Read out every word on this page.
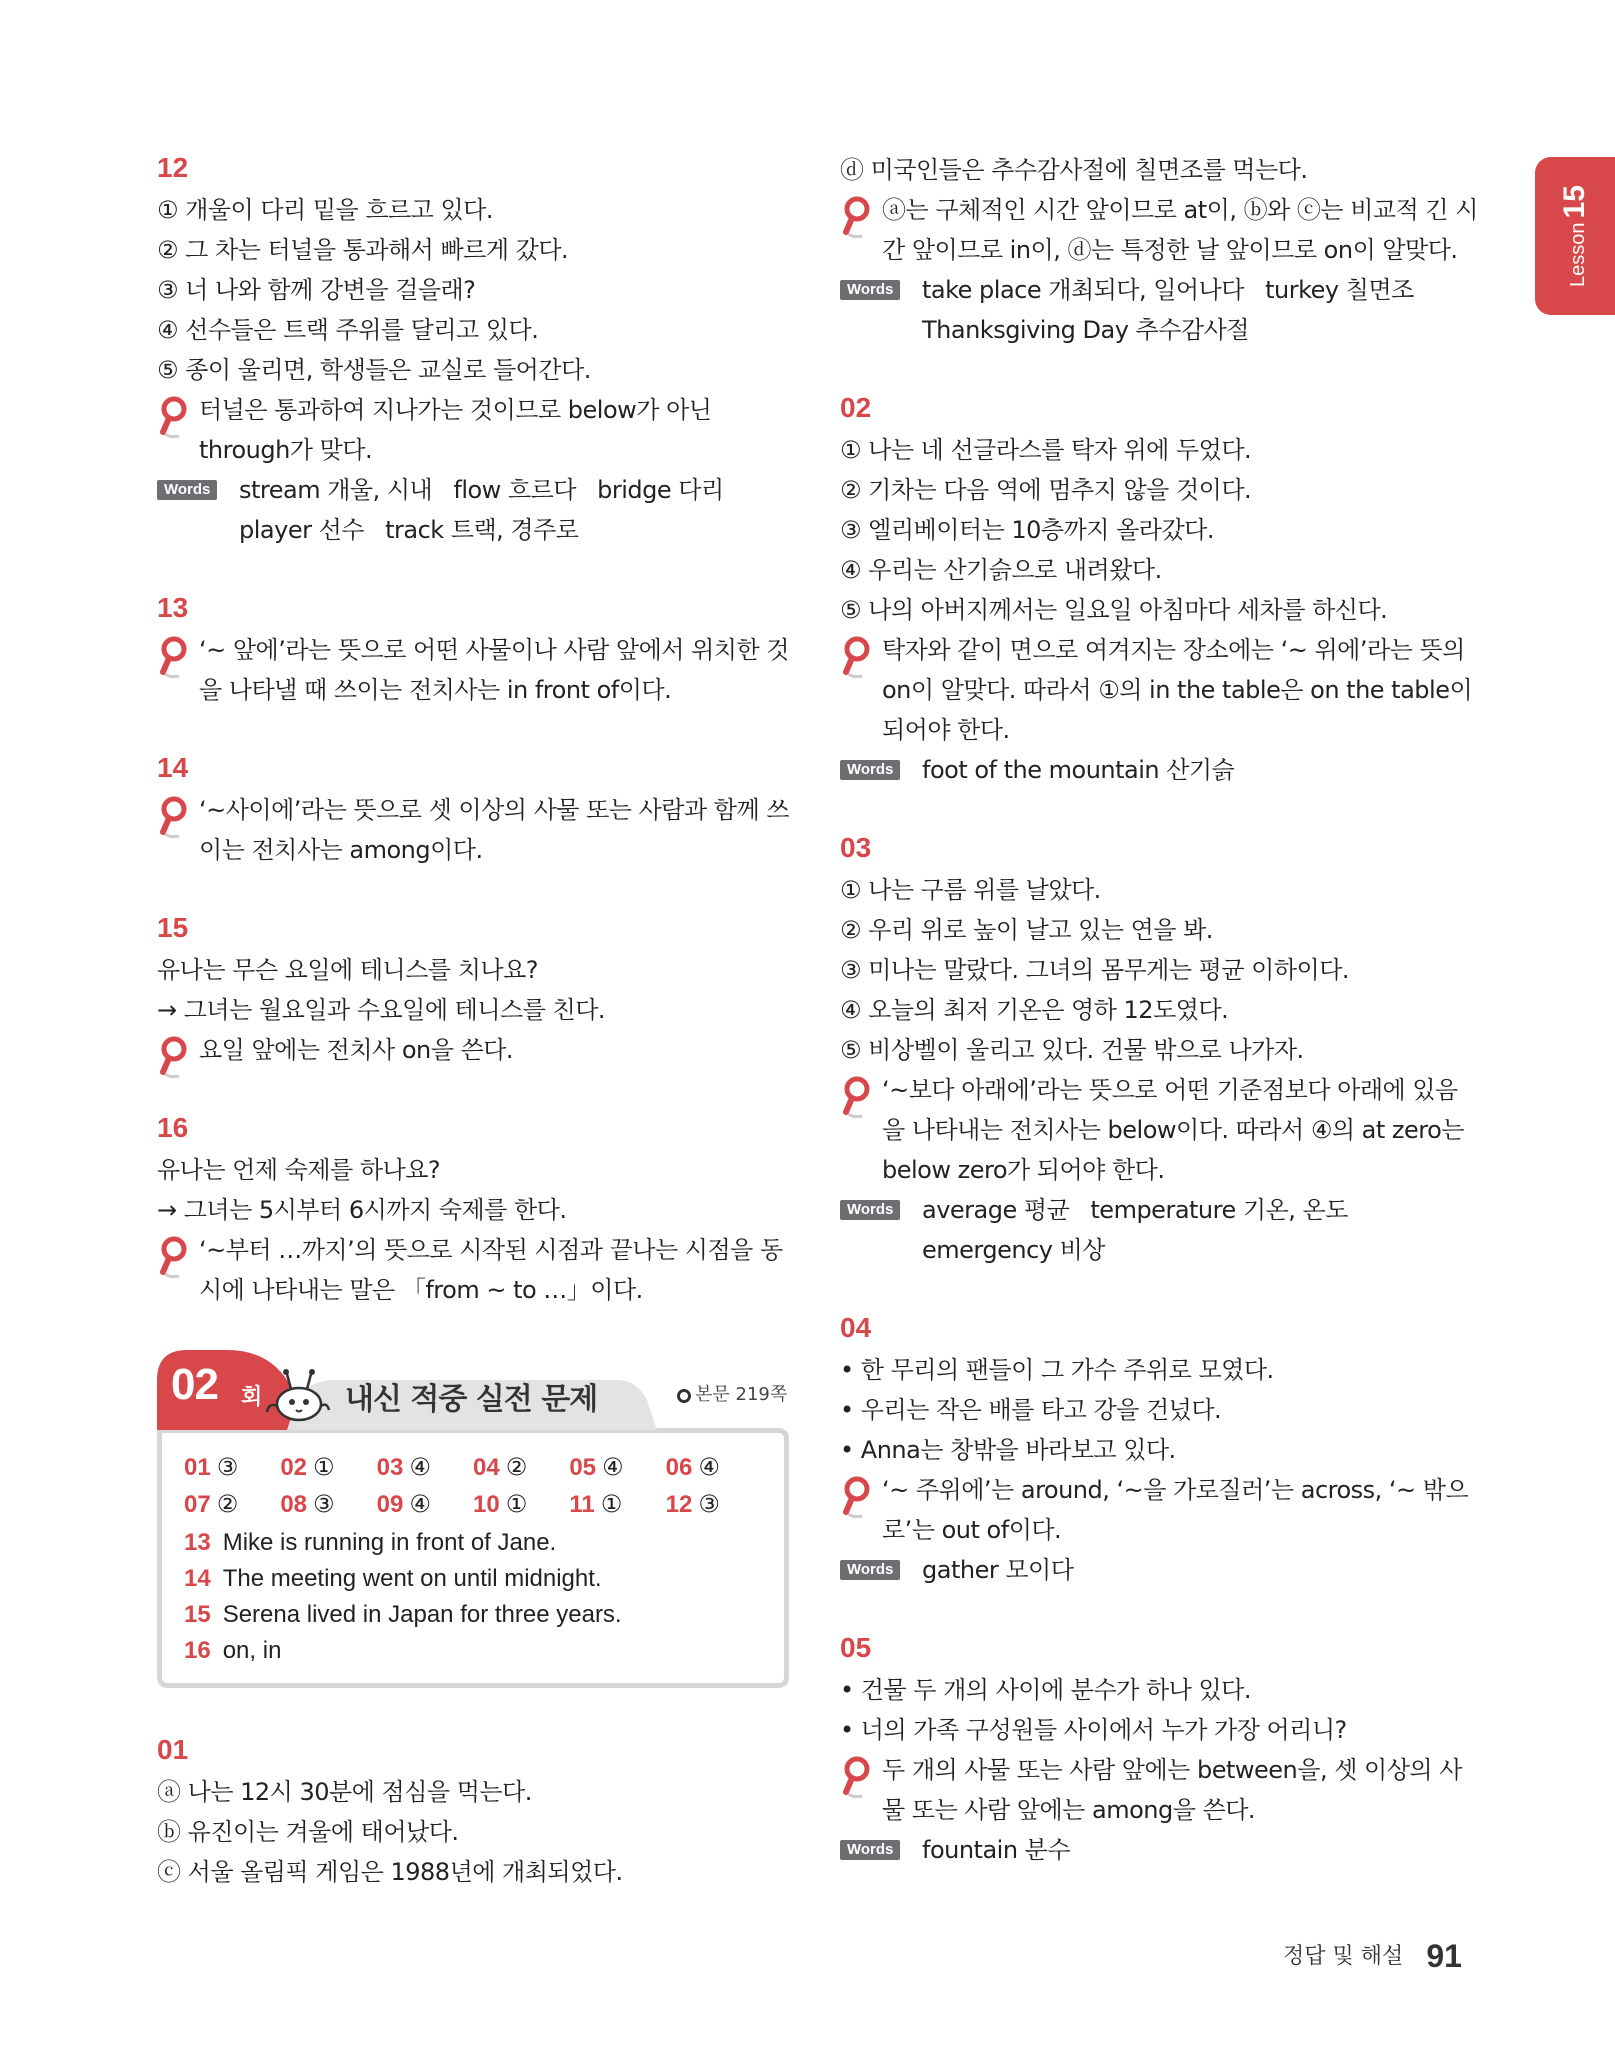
Lesson15
12
① 개울이 다리 밑을 흐르고 있다.
② 그 차는 터널을 통과해서 빠르게 갔다.
③ 너 나와 함께 강변을 걸을래?
④ 선수들은 트랙 주위를 달리고 있다.
⑤ 종이 울리면, 학생들은 교실로 들어간다.
터널은 통과하여 지나가는 것이므로 below가 아닌 through가 맞다.
Words stream 개울, 시내 flow 흐르다 bridge 다리
player 선수 track 트랙, 경주로
13
‘~ 앞에’라는 뜻으로 어떤 사물이나 사람 앞에서 위치한 것을 나타낼 때 쓰이는 전치사는 in front of이다.
14
‘~사이에’라는 뜻으로 셋 이상의 사물 또는 사람과 함께 쓰이는 전치사는 among이다.
15
유나는 무슨 요일에 테니스를 치나요?
→ 그녀는 월요일과 수요일에 테니스를 친다.
요일 앞에는 전치사 on을 쓴다.
16
유나는 언제 숙제를 하나요?
→ 그녀는 5시부터 6시까지 숙제를 한다.
‘~부터 …까지’의 뜻으로 시작된 시점과 끝나는 시점을 동시에 나타내는 말은 「from ~ to …」이다.
02 회	내신 적중 실전 문제	본문 219쪽
01 ③	02 ①	03 ④	04 ②	05 ④	06 ④
07 ②	08 ③	09 ④	10 ①	11 ①	12 ③
13 Mike is running in front of Jane.
14 The meeting went on until midnight.
15 Serena lived in Japan for three years.
16 on, in
01
ⓐ 나는 12시 30분에 점심을 먹는다.
ⓑ 유진이는 겨울에 태어났다.
ⓒ 서울 올림픽 게임은 1988년에 개최되었다.
ⓓ 미국인들은 추수감사절에 칠면조를 먹는다.
ⓐ는 구체적인 시간 앞이므로 at이, ⓑ와 ⓒ는 비교적 긴 시간 앞이므로 in이, ⓓ는 특정한 날 앞이므로 on이 알맞다.
Words take place 개최되다, 일어나다 turkey 칠면조
Thanksgiving Day 추수감사절
02
① 나는 네 선글라스를 탁자 위에 두었다.
② 기차는 다음 역에 멈추지 않을 것이다.
③ 엘리베이터는 10층까지 올라갔다.
④ 우리는 산기슭으로 내려왔다.
⑤ 나의 아버지께서는 일요일 아침마다 세차를 하신다.
탁자와 같이 면으로 여겨지는 장소에는 ‘~ 위에’라는 뜻의 on이 알맞다. 따라서 ①의 in the table은 on the table이 되어야 한다.
Words foot of the mountain 산기슭
03
① 나는 구름 위를 날았다.
② 우리 위로 높이 날고 있는 연을 봐.
③ 미나는 말랐다. 그녀의 몸무게는 평균 이하이다.
④ 오늘의 최저 기온은 영하 12도였다.
⑤ 비상벨이 울리고 있다. 건물 밖으로 나가자.
‘~보다 아래에’라는 뜻으로 어떤 기준점보다 아래에 있음을 나타내는 전치사는 below이다. 따라서 ④의 at zero는 below zero가 되어야 한다.
Words average 평균 temperature 기온, 온도
emergency 비상
04
• 한 무리의 팬들이 그 가수 주위로 모였다.
• 우리는 작은 배를 타고 강을 건넜다.
• Anna는 창밖을 바라보고 있다.
‘~ 주위에’는 around, ‘~을 가로질러’는 across, ‘~ 밖으로’는 out of이다.
Words gather 모이다
05
• 건물 두 개의 사이에 분수가 하나 있다.
• 너의 가족 구성원들 사이에서 누가 가장 어리니?
두 개의 사물 또는 사람 앞에는 between을, 셋 이상의 사물 또는 사람 앞에는 among을 쓴다.
Words fountain 분수
정답 및 해설 91
